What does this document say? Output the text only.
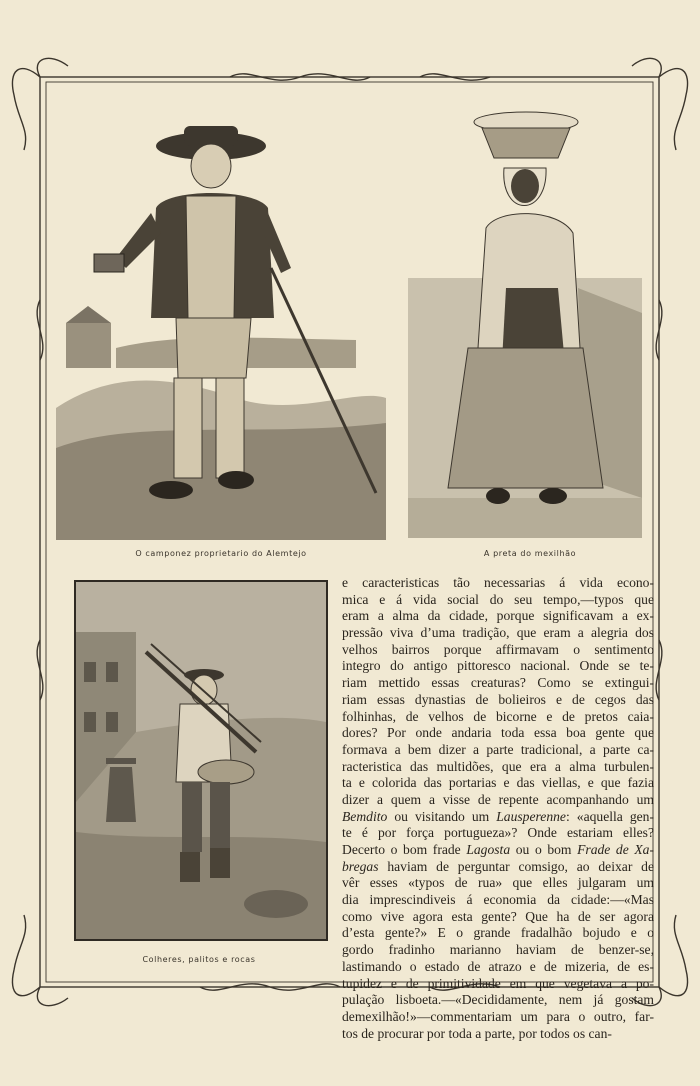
O camponez proprietario do Alemtejo	A preta do mexilhão
Colheres, palitos e rocas
e caracteristicas tão necessarias á vida econo-
mica e á vida social do seu tempo,—typos que
eram a alma da cidade, porque significavam a ex-
pressão viva d’uma tradição, que eram a alegria dos
velhos bairros porque affirmavam o sentimento
integro do antigo pittoresco nacional. Onde se te-
riam mettido essas creaturas? Como se extingui-
riam essas dynastias de bolieiros e de cegos das
folhinhas, de velhos de bicorne e de pretos caia-
dores? Por onde andaria toda essa boa gente que
formava a bem dizer a parte tradicional, a parte ca-
racteristica das multidões, que era a alma turbulen-
ta e colorida das portarias e das viellas, e que fazia
dizer a quem a visse de repente acompanhando um
Bemdito ou visitando um Lausperenne: «aquella gen-
te é por força portugueza»? Onde estariam elles?
Decerto o bom frade Lagosta ou o bom Frade de Xa-
bregas haviam de perguntar comsigo, ao deixar de
vêr esses «typos de rua» que elles julgaram um
dia imprescindiveis á economia da cidade:—«Mas
como vive agora esta gente? Que ha de ser agora
d’esta gente?» E o grande fradalhão bojudo e o
gordo fradinho marianno haviam de benzer-se,
lastimando o estado de atrazo e de mizeria, de es-
tupidez e de primitividade em que vegetava a po-
pulação lisboeta.—«Decididamente, nem já gostam
demexilhão!»—commentariam um para o outro, far-
tos de procurar por toda a parte, por todos os can-
